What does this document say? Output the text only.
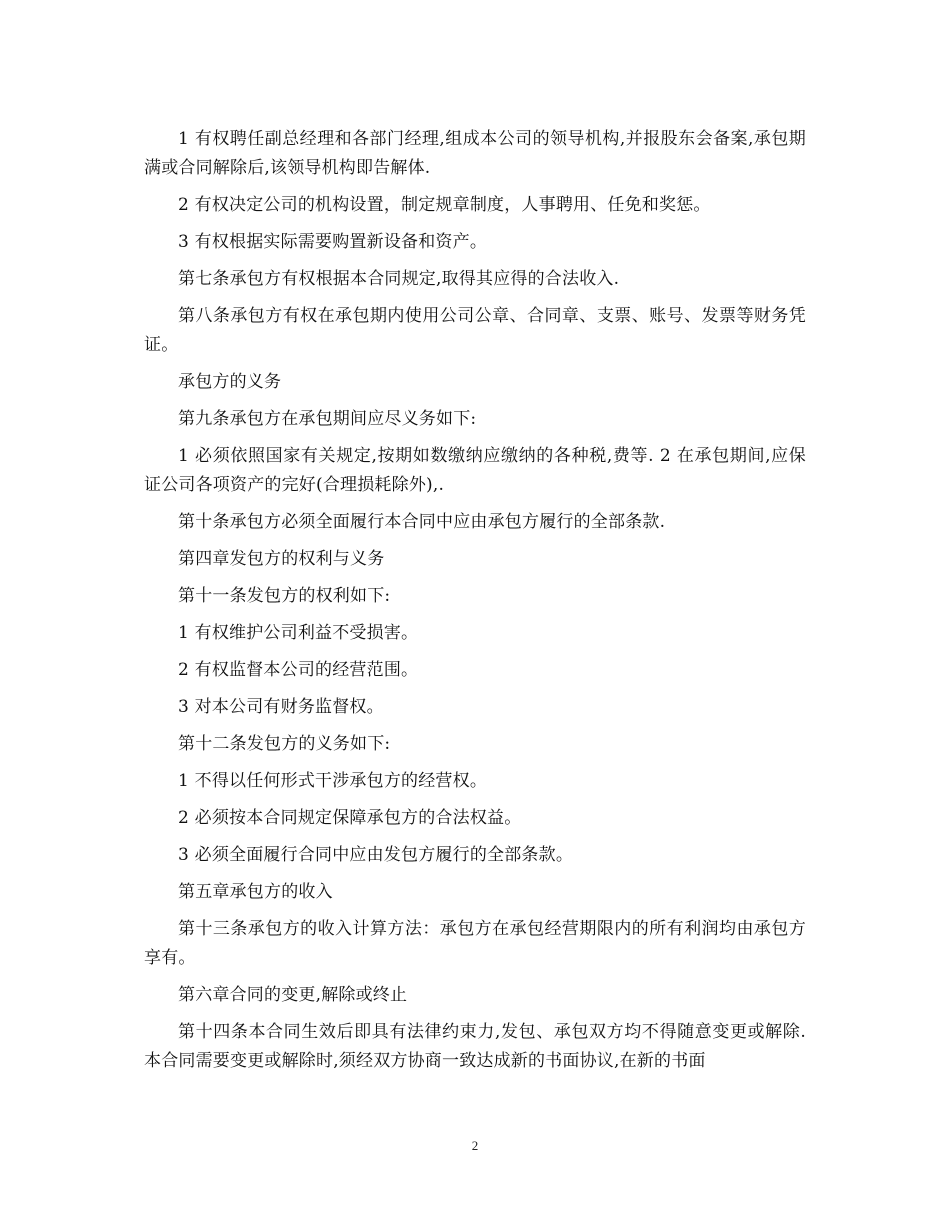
1 有权聘任副总经理和各部门经理,组成本公司的领导机构,并报股东会备案,承包期满或合同解除后,该领导机构即告解体.

2 有权决定公司的机构设置，制定规章制度，人事聘用、任免和奖惩。

3 有权根据实际需要购置新设备和资产。

第七条承包方有权根据本合同规定,取得其应得的合法收入.

第八条承包方有权在承包期内使用公司公章、合同章、支票、账号、发票等财务凭证。

承包方的义务

第九条承包方在承包期间应尽义务如下:

1 必须依照国家有关规定,按期如数缴纳应缴纳的各种税,费等. 2 在承包期间,应保证公司各项资产的完好(合理损耗除外),.

第十条承包方必须全面履行本合同中应由承包方履行的全部条款.

第四章发包方的权利与义务

第十一条发包方的权利如下:

1 有权维护公司利益不受损害。

2 有权监督本公司的经营范围。

3 对本公司有财务监督权。

第十二条发包方的义务如下:

1 不得以任何形式干涉承包方的经营权。

2 必须按本合同规定保障承包方的合法权益。

3 必须全面履行合同中应由发包方履行的全部条款。

第五章承包方的收入

第十三条承包方的收入计算方法：承包方在承包经营期限内的所有利润均由承包方享有。

第六章合同的变更,解除或终止

第十四条本合同生效后即具有法律约束力,发包、承包双方均不得随意变更或解除.本合同需要变更或解除时,须经双方协商一致达成新的书面协议,在新的书面

2
